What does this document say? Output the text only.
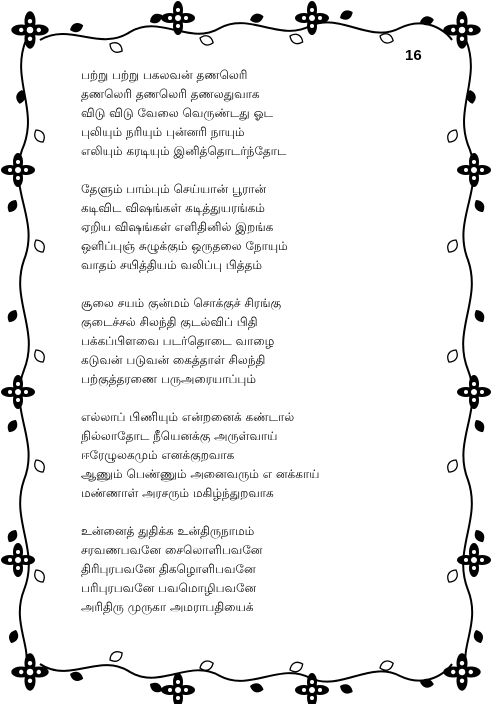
16
பற்று பற்று பகலவன் தணலெரி
தணலெரி தணலெரி தணலதுவாக
விடு விடு வேலை வெருண்டது ஓட
புலியும் நரியும் புன்னரி நாயும்
எலியும் கரடியும் இனித்தொடர்ந்தோட
தேளும் பாம்பும் செய்யான் பூரான்
கடிவிட விஷங்கள் கடித்துயரங்கம்
ஏறிய விஷங்கள் எளிதினில் இறங்க
ஒளிப்புஞ் சுழுக்கும் ஒருதலை நோயும்
வாதம் சயித்தியம் வலிப்பு பித்தம்
சூலை சயம் குன்மம் சொக்குச் சிரங்கு
குடைச்சல் சிலந்தி குடல்விப் பிதி
பக்கப்பிளவை படர்தொடை வாழை
கடுவன் படுவன் கைத்தாள் சிலந்தி
பற்குத்தரணை பருஅரையாப்பும்
எல்லாப் பிணியும் என்றனைக் கண்டால்
நில்லாதோட நீயெனக்கு அருள்வாய்
ஈரேழுலகமும் எனக்குறவாக
ஆணும் பெண்ணும் அனைவரும் எ னக்காய்
மண்ணாள் அரசரும் மகிழ்ந்துறவாக
உன்னைத் துதிக்க உன்திருநாமம்
சரவணபவனே சைலொளிபவனே
திரிபுரபவனே திகழொளிபவனே
பரிபுரபவனே பவமொழிபவனே
அரிதிரு முருகா அமராபதியைக்
